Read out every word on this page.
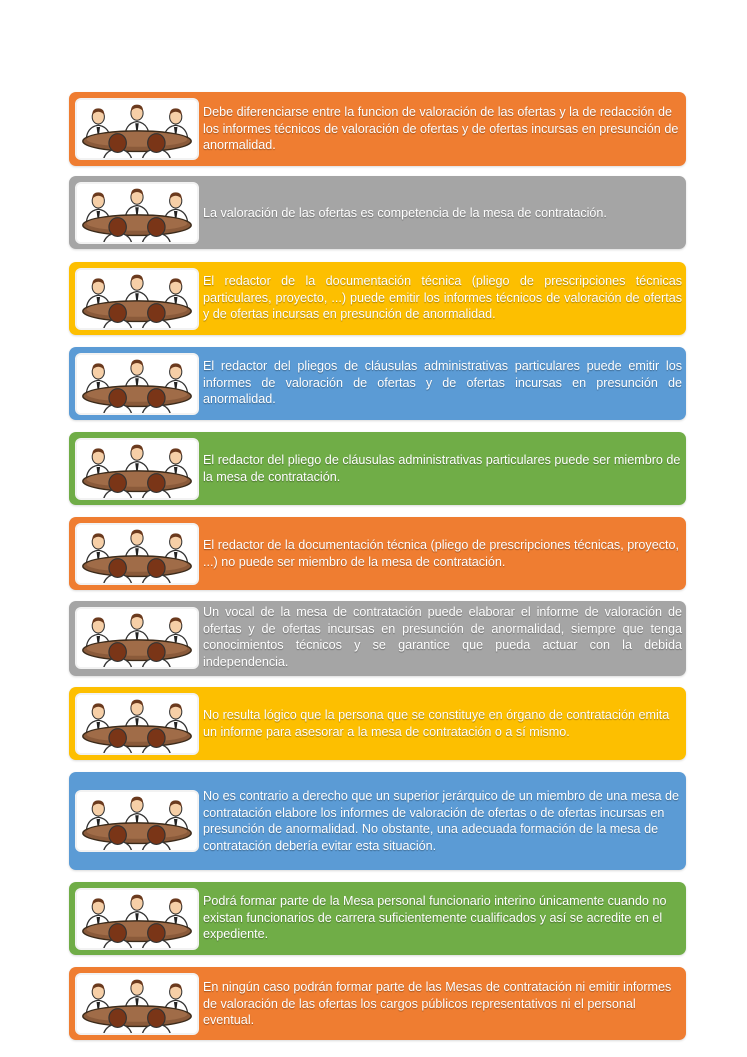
Debe diferenciarse entre la funcion de valoración de las ofertas y la de redacción de los informes técnicos de valoración de ofertas y de ofertas incursas en presunción de anormalidad.
La valoración de las ofertas es competencia de la mesa de contratación.
El redactor de la documentación técnica (pliego de prescripciones técnicas particulares, proyecto, ...) puede emitir los informes técnicos de valoración de ofertas y de ofertas incursas en presunción de anormalidad.
El redactor del pliegos de cláusulas administrativas particulares puede emitir los informes de valoración de ofertas y de ofertas incursas en presunción de anormalidad.
El redactor del pliego de cláusulas administrativas particulares puede ser miembro de la mesa de contratación.
El redactor de la documentación técnica (pliego de prescripciones técnicas, proyecto, ...) no puede ser miembro de la mesa de contratación.
Un vocal de la mesa de contratación puede elaborar el informe de valoración de ofertas y de ofertas incursas en presunción de anormalidad, siempre que tenga conocimientos técnicos y se garantice que pueda actuar con la debida independencia.
No resulta lógico que la persona que se constituye en órgano de contratación emita un informe para asesorar a la mesa de contratación o a sí mismo.
No es contrario a derecho que un superior jerárquico de un miembro de una mesa de contratación elabore los informes de valoración de ofertas o de ofertas incursas en presunción de anormalidad. No obstante, una adecuada formación de la mesa de contratación debería evitar esta situación.
Podrá formar parte de la Mesa personal funcionario interino únicamente cuando no existan funcionarios de carrera suficientemente cualificados y así se acredite en el expediente.
En ningún caso podrán formar parte de las Mesas de contratación ni emitir informes de valoración de las ofertas los cargos públicos representativos ni el personal eventual.
